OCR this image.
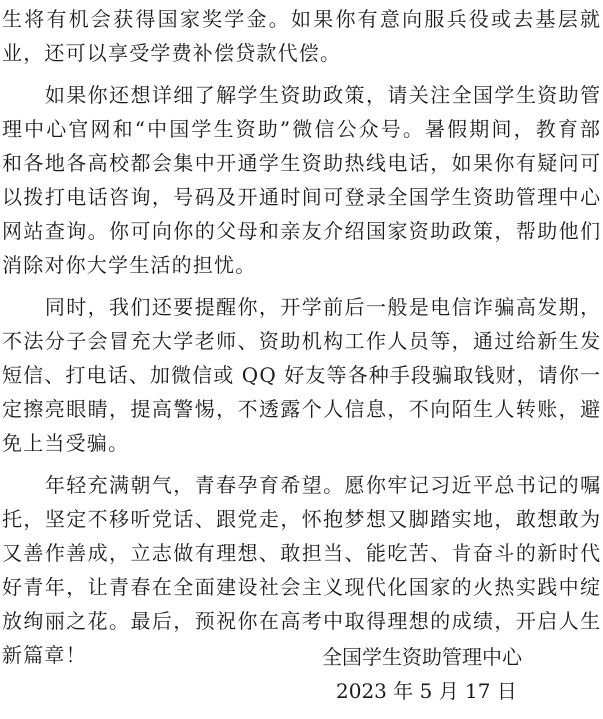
生将有机会获得国家奖学金。如果你有意向服兵役或去基层就
业，还可以享受学费补偿贷款代偿。
　　如果你还想详细了解学生资助政策，请关注全国学生资助管
理中心官网和“中国学生资助”微信公众号。暑假期间，教育部
和各地各高校都会集中开通学生资助热线电话，如果你有疑问可
以拨打电话咨询，号码及开通时间可登录全国学生资助管理中心
网站查询。你可向你的父母和亲友介绍国家资助政策，帮助他们
消除对你大学生活的担忧。
　　同时，我们还要提醒你，开学前后一般是电信诈骗高发期，
不法分子会冒充大学老师、资助机构工作人员等，通过给新生发
短信、打电话、加微信或 QQ 好友等各种手段骗取钱财，请你一
定擦亮眼睛，提高警惕，不透露个人信息，不向陌生人转账，避
免上当受骗。
　　年轻充满朝气，青春孕育希望。愿你牢记习近平总书记的嘱
托，坚定不移听党话、跟党走，怀抱梦想又脚踏实地，敢想敢为
又善作善成，立志做有理想、敢担当、能吃苦、肯奋斗的新时代
好青年，让青春在全面建设社会主义现代化国家的火热实践中绽
放绚丽之花。最后，预祝你在高考中取得理想的成绩，开启人生
新篇章！	全国学生资助管理中心
2023 年 5 月 17 日
